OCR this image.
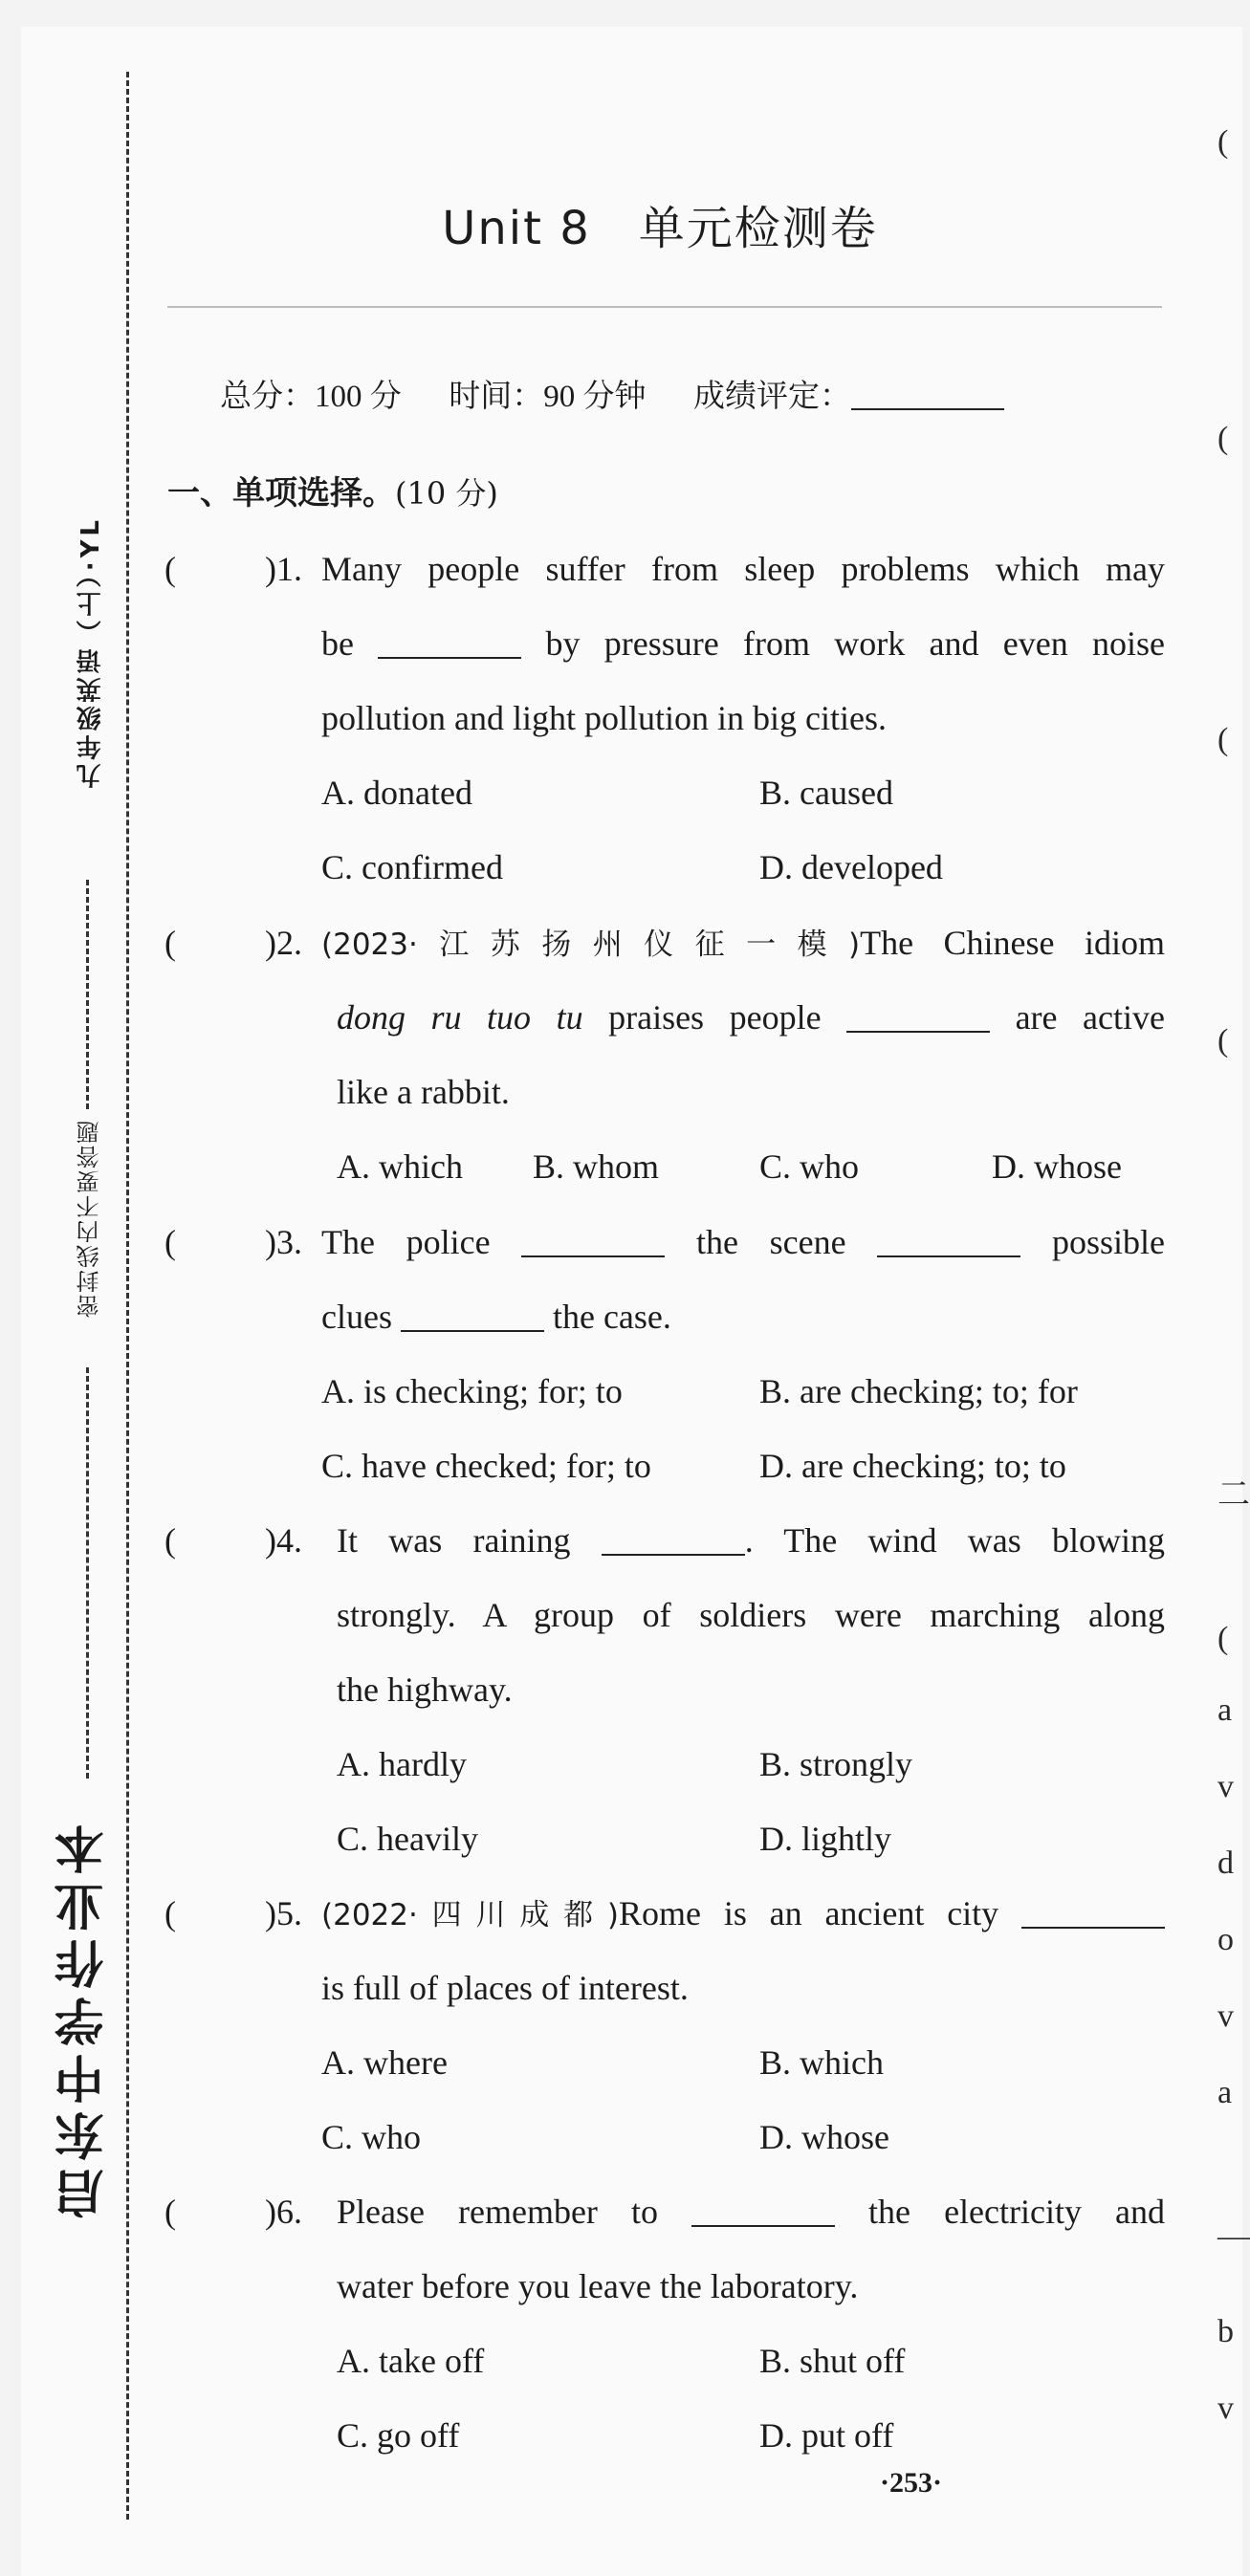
启东中学作业本
密封线内不要答题
九年级英语（上）·YL
Unit 8　单元检测卷
总分：100 分 时间：90 分钟 成绩评定：
一、单项选择。(10 分)
(	)1. Many people suffer from sleep problems which may
be	by pressure from work and even noise
pollution and light pollution in big cities.
A. donated	B. caused
C. confirmed	D. developed
(	)2. (2023·江苏扬州仪征一模)The Chinese idiom
dong ru tuo tu praises people	are active
like a rabbit.
A. which B. whom	C. who	D. whose
(	)3. The police	the scene	possible
clues	the case.
A. is checking; for; to	B. are checking; to; for
C. have checked; for; to	D. are checking; to; to
(	)4. It was raining	. The wind was blowing
strongly. A group of soldiers were marching along
the highway.
A. hardly	B. strongly
C. heavily	D. lightly
(	)5. (2022·四川成都)Rome is an ancient city
is full of places of interest.
A. where	B. which
C. who	D. whose
(	)6. Please remember to	the electricity and
water before you leave the laboratory.
A. take off	B. shut off
C. go off	D. put off
·253·
(
(
(
(
二
(
a
v
d
o
v
a
—
b
v
